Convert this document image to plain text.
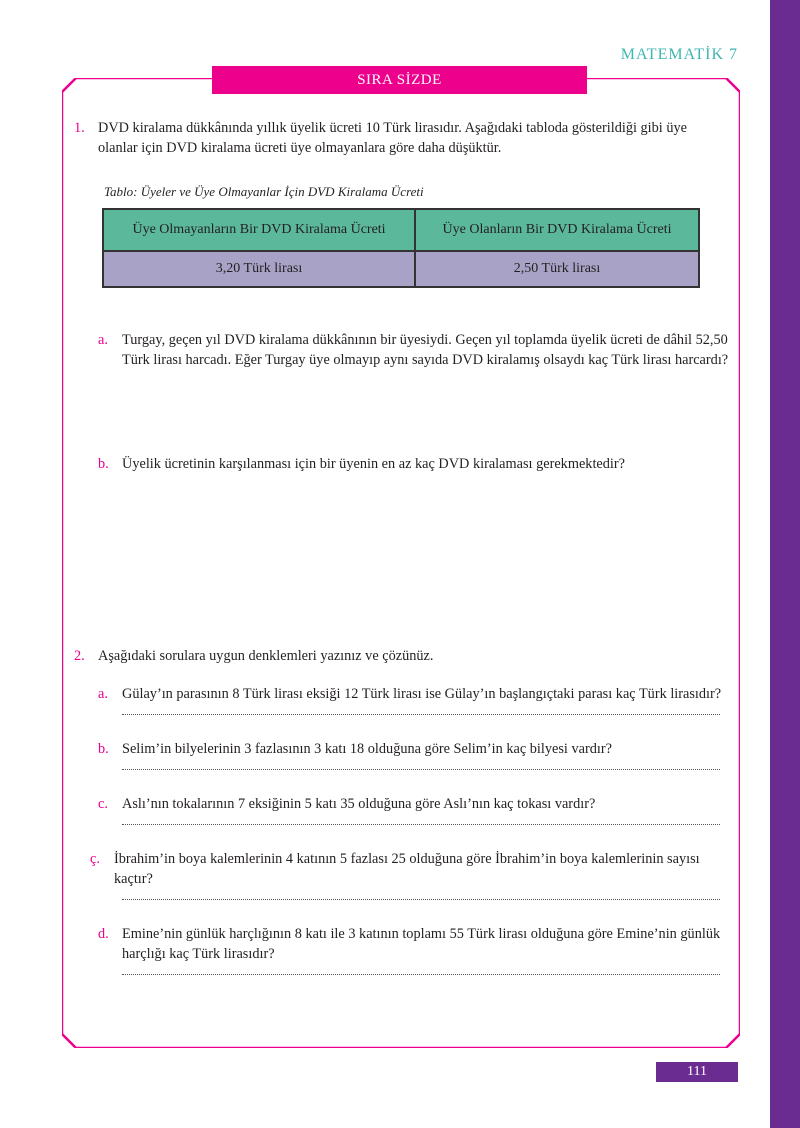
MATEMATİK 7
SIRA SİZDE
1. DVD kiralama dükkânında yıllık üyelik ücreti 10 Türk lirasıdır. Aşağıdaki tabloda gösterildiği gibi üye olanlar için DVD kiralama ücreti üye olmayanlara göre daha düşüktür.
Tablo: Üyeler ve Üye Olmayanlar İçin DVD Kiralama Ücreti
Üye Olmayanların Bir DVD Kiralama Ücreti	Üye Olanların Bir DVD Kiralama Ücreti
3,20 Türk lirası	2,50 Türk lirası
a. Turgay, geçen yıl DVD kiralama dükkânının bir üyesiydi. Geçen yıl toplamda üyelik ücreti de dâhil 52,50 Türk lirası harcadı. Eğer Turgay üye olmayıp aynı sayıda DVD kiralamış olsaydı kaç Türk lirası harcardı?
b. Üyelik ücretinin karşılanması için bir üyenin en az kaç DVD kiralaması gerekmektedir?
2. Aşağıdaki sorulara uygun denklemleri yazınız ve çözünüz.
a. Gülay’ın parasının 8 Türk lirası eksiği 12 Türk lirası ise Gülay’ın başlangıçtaki parası kaç Türk lirasıdır?
b. Selim’in bilyelerinin 3 fazlasının 3 katı 18 olduğuna göre Selim’in kaç bilyesi vardır?
c. Aslı’nın tokalarının 7 eksiğinin 5 katı 35 olduğuna göre Aslı’nın kaç tokası vardır?
ç. İbrahim’in boya kalemlerinin 4 katının 5 fazlası 25 olduğuna göre İbrahim’in boya kalemlerinin sayısı kaçtır?
d. Emine’nin günlük harçlığının 8 katı ile 3 katının toplamı 55 Türk lirası olduğuna göre Emine’nin günlük harçlığı kaç Türk lirasıdır?
111
